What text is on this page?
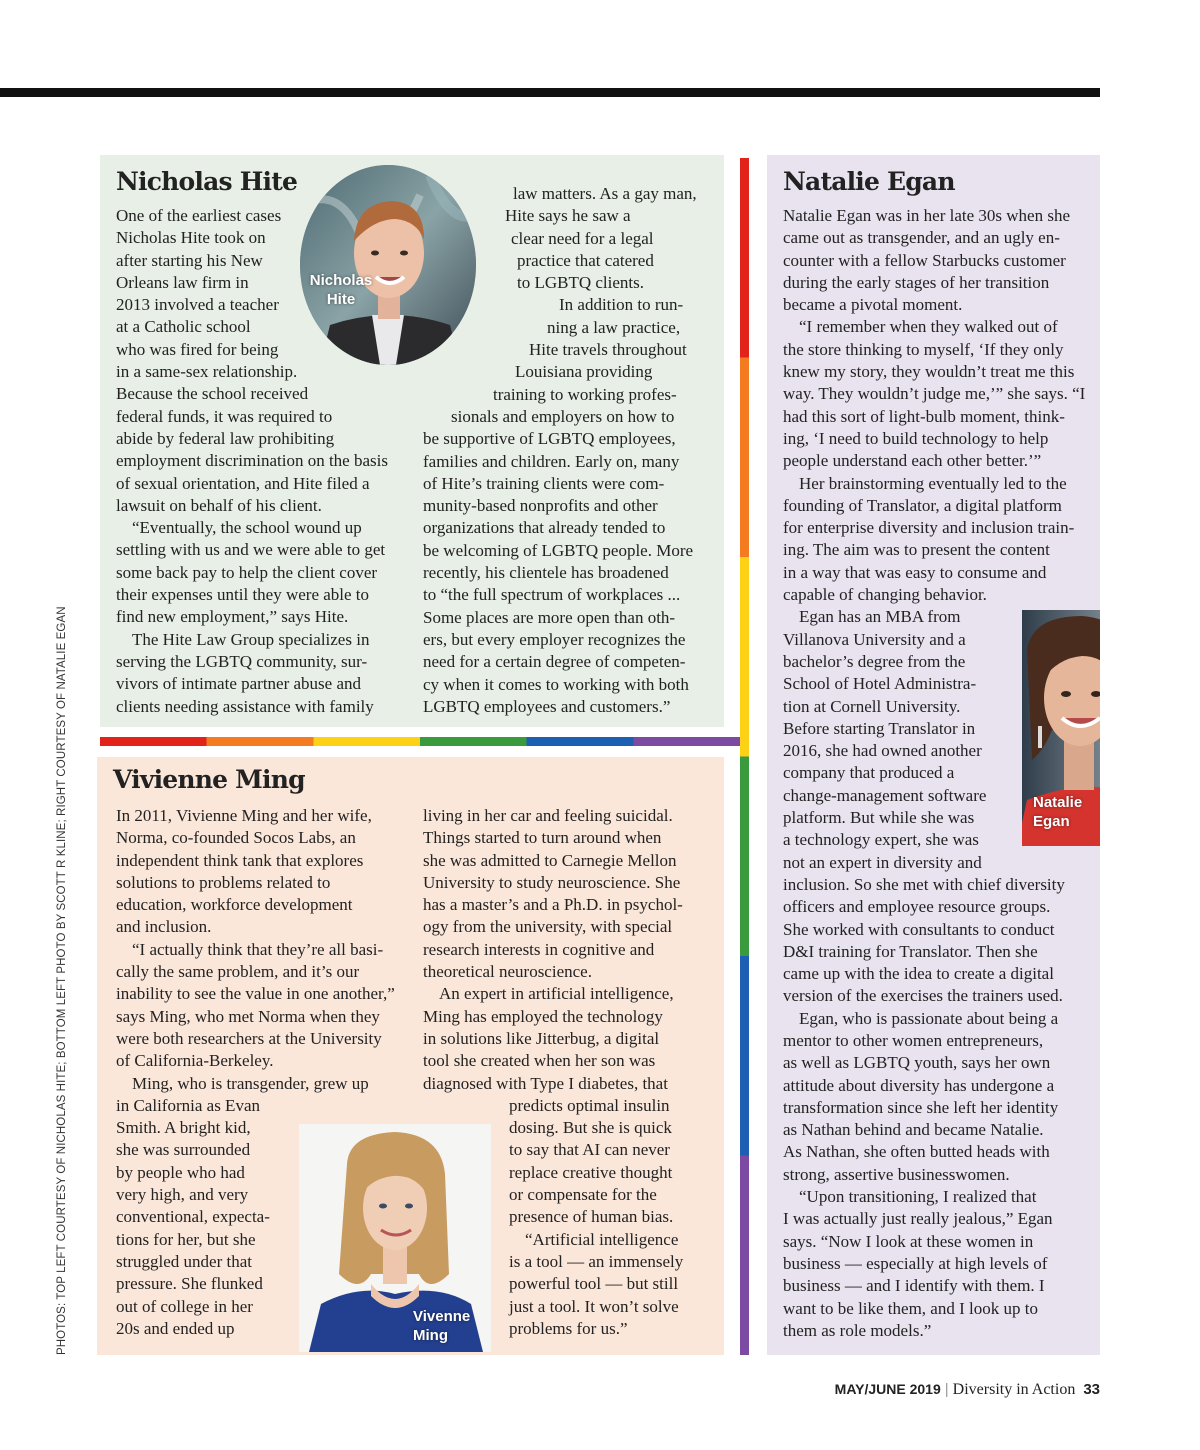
PHOTOS: TOP LEFT COURTESY OF NICHOLAS HITE; BOTTOM LEFT PHOTO BY SCOTT R KLINE; RIGHT COURTESY OF NATALIE EGAN
Nicholas Hite
Nicholas
Hite
One of the earliest cases
Nicholas Hite took on
after starting his New
Orleans law firm in
2013 involved a teacher
at a Catholic school
who was fired for being
in a same-sex relationship.
Because the school received
federal funds, it was required to
abide by federal law prohibiting
employment discrimination on the basis
of sexual orientation, and Hite filed a
lawsuit on behalf of his client.
“Eventually, the school wound up
settling with us and we were able to get
some back pay to help the client cover
their expenses until they were able to
find new employment,” says Hite.
The Hite Law Group specializes in
serving the LGBTQ community, sur-
vivors of intimate partner abuse and
clients needing assistance with family
law matters. As a gay man,
Hite says he saw a
clear need for a legal
practice that catered
to LGBTQ clients.
In addition to run-
ning a law practice,
Hite travels throughout
Louisiana providing
training to working profes-
sionals and employers on how to
be supportive of LGBTQ employees,
families and children. Early on, many
of Hite’s training clients were com-
munity-based nonprofits and other
organizations that already tended to
be welcoming of LGBTQ people. More
recently, his clientele has broadened
to “the full spectrum of workplaces ...
Some places are more open than oth-
ers, but every employer recognizes the
need for a certain degree of competen-
cy when it comes to working with both
LGBTQ employees and customers.”
Vivienne Ming
Vivenne
Ming
In 2011, Vivienne Ming and her wife,
Norma, co-founded Socos Labs, an
independent think tank that explores
solutions to problems related to
education, workforce development
and inclusion.
“I actually think that they’re all basi-
cally the same problem, and it’s our
inability to see the value in one another,”
says Ming, who met Norma when they
were both researchers at the University
of California-Berkeley.
Ming, who is transgender, grew up
in California as Evan
Smith. A bright kid,
she was surrounded
by people who had
very high, and very
conventional, expecta-
tions for her, but she
struggled under that
pressure. She flunked
out of college in her
20s and ended up
living in her car and feeling suicidal.
Things started to turn around when
she was admitted to Carnegie Mellon
University to study neuroscience. She
has a master’s and a Ph.D. in psychol-
ogy from the university, with special
research interests in cognitive and
theoretical neuroscience.
An expert in artificial intelligence,
Ming has employed the technology
in solutions like Jitterbug, a digital
tool she created when her son was
diagnosed with Type I diabetes, that
predicts optimal insulin
dosing. But she is quick
to say that AI can never
replace creative thought
or compensate for the
presence of human bias.
“Artificial intelligence
is a tool — an immensely
powerful tool — but still
just a tool. It won’t solve
problems for us.”
Natalie Egan
Natalie
Egan
Natalie Egan was in her late 30s when she
came out as transgender, and an ugly en-
counter with a fellow Starbucks customer
during the early stages of her transition
became a pivotal moment.
“I remember when they walked out of
the store thinking to myself, ‘If they only
knew my story, they wouldn’t treat me this
way. They wouldn’t judge me,’” she says. “I
had this sort of light-bulb moment, think-
ing, ‘I need to build technology to help
people understand each other better.’”
Her brainstorming eventually led to the
founding of Translator, a digital platform
for enterprise diversity and inclusion train-
ing. The aim was to present the content
in a way that was easy to consume and
capable of changing behavior.
Egan has an MBA from
Villanova University and a
bachelor’s degree from the
School of Hotel Administra-
tion at Cornell University.
Before starting Translator in
2016, she had owned another
company that produced a
change-management software
platform. But while she was
a technology expert, she was
not an expert in diversity and
inclusion. So she met with chief diversity
officers and employee resource groups.
She worked with consultants to conduct
D&I training for Translator. Then she
came up with the idea to create a digital
version of the exercises the trainers used.
Egan, who is passionate about being a
mentor to other women entrepreneurs,
as well as LGBTQ youth, says her own
attitude about diversity has undergone a
transformation since she left her identity
as Nathan behind and became Natalie.
As Nathan, she often butted heads with
strong, assertive businesswomen.
“Upon transitioning, I realized that
I was actually just really jealous,” Egan
says. “Now I look at these women in
business — especially at high levels of
business — and I identify with them. I
want to be like them, and I look up to
them as role models.”
MAY/JUNE 2019 | Diversity in Action 33
